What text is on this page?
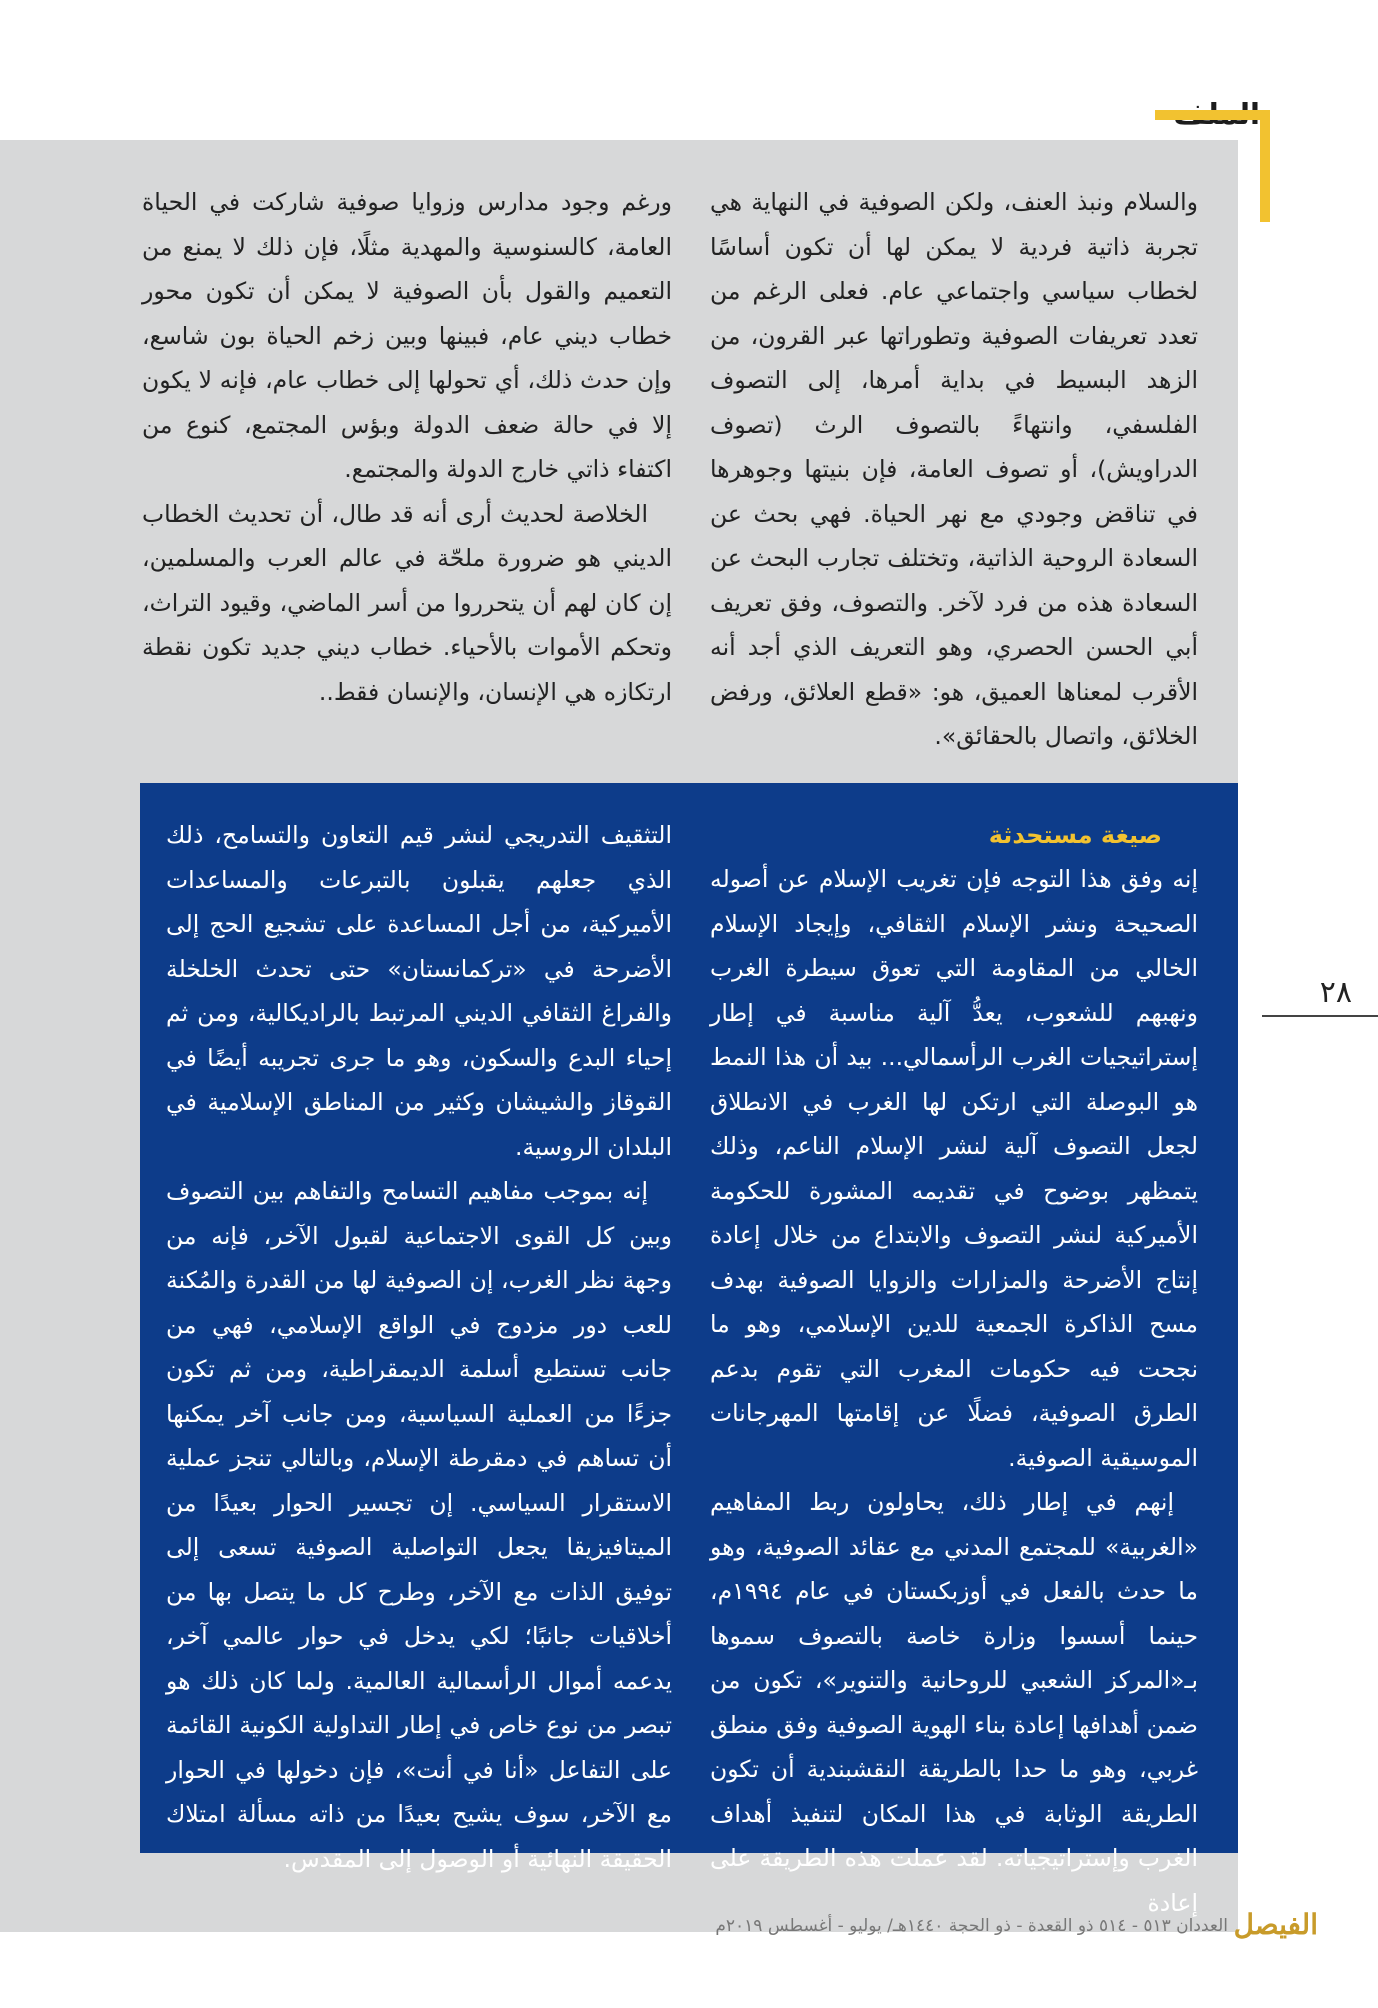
الملف

والسلام ونبذ العنف، ولكن الصوفية في النهاية هي تجربة ذاتية فردية لا يمكن لها أن تكون أساسًا لخطاب سياسي واجتماعي عام. فعلى الرغم من تعدد تعريفات الصوفية وتطوراتها عبر القرون، من الزهد البسيط في بداية أمرها، إلى التصوف الفلسفي، وانتهاءً بالتصوف الرث (تصوف الدراويش)، أو تصوف العامة، فإن بنيتها وجوهرها في تناقض وجودي مع نهر الحياة. فهي بحث عن السعادة الروحية الذاتية، وتختلف تجارب البحث عن السعادة هذه من فرد لآخر. والتصوف، وفق تعريف أبي الحسن الحصري، وهو التعريف الذي أجد أنه الأقرب لمعناها العميق، هو: «قطع العلائق، ورفض الخلائق، واتصال بالحقائق».

ورغم وجود مدارس وزوايا صوفية شاركت في الحياة العامة، كالسنوسية والمهدية مثلًا، فإن ذلك لا يمنع من التعميم والقول بأن الصوفية لا يمكن أن تكون محور خطاب ديني عام، فبينها وبين زخم الحياة بون شاسع، وإن حدث ذلك، أي تحولها إلى خطاب عام، فإنه لا يكون إلا في حالة ضعف الدولة وبؤس المجتمع، كنوع من اكتفاء ذاتي خارج الدولة والمجتمع.

الخلاصة لحديث أرى أنه قد طال، أن تحديث الخطاب الديني هو ضرورة ملحّة في عالم العرب والمسلمين، إن كان لهم أن يتحرروا من أسر الماضي، وقيود التراث، وتحكم الأموات بالأحياء. خطاب ديني جديد تكون نقطة ارتكازه هي الإنسان، والإنسان فقط..

صيغة مستحدثة

إنه وفق هذا التوجه فإن تغريب الإسلام عن أصوله الصحيحة ونشر الإسلام الثقافي، وإيجاد الإسلام الخالي من المقاومة التي تعوق سيطرة الغرب ونهبهم للشعوب، يعدُّ آلية مناسبة في إطار إستراتيجيات الغرب الرأسمالي... بيد أن هذا النمط هو البوصلة التي ارتكن لها الغرب في الانطلاق لجعل التصوف آلية لنشر الإسلام الناعم، وذلك يتمظهر بوضوح في تقديمه المشورة للحكومة الأميركية لنشر التصوف والابتداع من خلال إعادة إنتاج الأضرحة والمزارات والزوايا الصوفية بهدف مسح الذاكرة الجمعية للدين الإسلامي، وهو ما نجحت فيه حكومات المغرب التي تقوم بدعم الطرق الصوفية، فضلًا عن إقامتها المهرجانات الموسيقية الصوفية.

إنهم في إطار ذلك، يحاولون ربط المفاهيم «الغربية» للمجتمع المدني مع عقائد الصوفية، وهو ما حدث بالفعل في أوزبكستان في عام ١٩٩٤م، حينما أسسوا وزارة خاصة بالتصوف سموها بـ«المركز الشعبي للروحانية والتنوير»، تكون من ضمن أهدافها إعادة بناء الهوية الصوفية وفق منطق غربي، وهو ما حدا بالطريقة النقشبندية أن تكون الطريقة الوثابة في هذا المكان لتنفيذ أهداف الغرب وإستراتيجياته. لقد عملت هذه الطريقة على إعادة

التثقيف التدريجي لنشر قيم التعاون والتسامح، ذلك الذي جعلهم يقبلون بالتبرعات والمساعدات الأميركية، من أجل المساعدة على تشجيع الحج إلى الأضرحة في «تركمانستان» حتى تحدث الخلخلة والفراغ الثقافي الديني المرتبط بالراديكالية، ومن ثم إحياء البدع والسكون، وهو ما جرى تجريبه أيضًا في القوقاز والشيشان وكثير من المناطق الإسلامية في البلدان الروسية.

إنه بموجب مفاهيم التسامح والتفاهم بين التصوف وبين كل القوى الاجتماعية لقبول الآخر، فإنه من وجهة نظر الغرب، إن الصوفية لها من القدرة والمُكنة للعب دور مزدوج في الواقع الإسلامي، فهي من جانب تستطيع أسلمة الديمقراطية، ومن ثم تكون جزءًا من العملية السياسية، ومن جانب آخر يمكنها أن تساهم في دمقرطة الإسلام، وبالتالي تنجز عملية الاستقرار السياسي. إن تجسير الحوار بعيدًا من الميتافيزيقا يجعل التواصلية الصوفية تسعى إلى توفيق الذات مع الآخر، وطرح كل ما يتصل بها من أخلاقيات جانبًا؛ لكي يدخل في حوار عالمي آخر، يدعمه أموال الرأسمالية العالمية. ولما كان ذلك هو تبصر من نوع خاص في إطار التداولية الكونية القائمة على التفاعل «أنا في أنت»، فإن دخولها في الحوار مع الآخر، سوف يشيح بعيدًا من ذاته مسألة امتلاك الحقيقة النهائية أو الوصول إلى المقدس.

٢٨
الفيصل
العددان ٥١٣ - ٥١٤ ذو القعدة - ذو الحجة ١٤٤٠هـ/ يوليو - أغسطس ٢٠١٩م
